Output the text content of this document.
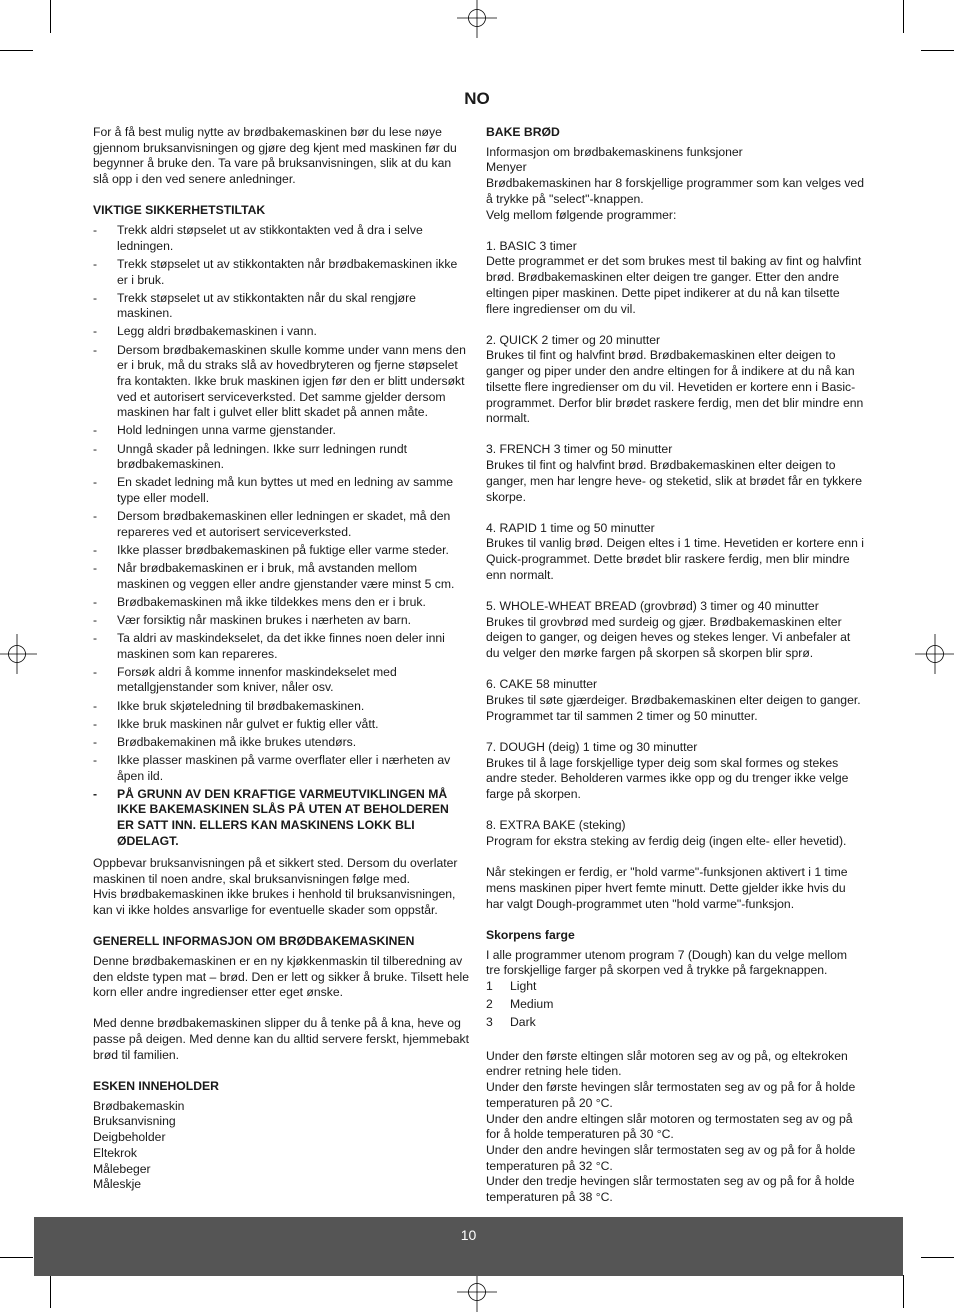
NO

For å få best mulig nytte av brødbakemaskinen bør du lese nøye gjennom bruksanvisningen og gjøre deg kjent med maskinen før du begynner å bruke den. Ta vare på bruksanvisningen, slik at du kan slå opp i den ved senere anledninger.

VIKTIGE SIKKERHETSTILTAK

- Trekk aldri støpselet ut av stikkontakten ved å dra i selve ledningen.
- Trekk støpselet ut av stikkontakten når brødbakemaskinen ikke er i bruk.
- Trekk støpselet ut av stikkontakten når du skal rengjøre maskinen.
- Legg aldri brødbakemaskinen i vann.
- Dersom brødbakemaskinen skulle komme under vann mens den er i bruk, må du straks slå av hovedbryteren og fjerne støpselet fra kontakten. Ikke bruk maskinen igjen før den er blitt undersøkt ved et autorisert serviceverksted. Det samme gjelder dersom maskinen har falt i gulvet eller blitt skadet på annen måte.
- Hold ledningen unna varme gjenstander.
- Unngå skader på ledningen. Ikke surr ledningen rundt brødbakemaskinen.
- En skadet ledning må kun byttes ut med en ledning av samme type eller modell.
- Dersom brødbakemaskinen eller ledningen er skadet, må den repareres ved et autorisert serviceverksted.
- Ikke plasser brødbakemaskinen på fuktige eller varme steder.
- Når brødbakemaskinen er i bruk, må avstanden mellom maskinen og veggen eller andre gjenstander være minst 5 cm.
- Brødbakemaskinen må ikke tildekkes mens den er i bruk.
- Vær forsiktig når maskinen brukes i nærheten av barn.
- Ta aldri av maskindekselet, da det ikke finnes noen deler inni maskinen som kan repareres.
- Forsøk aldri å komme innenfor maskindekselet med metallgjenstander som kniver, nåler osv.
- Ikke bruk skjøteledning til brødbakemaskinen.
- Ikke bruk maskinen når gulvet er fuktig eller vått.
- Brødbakemakinen må ikke brukes utendørs.
- Ikke plasser maskinen på varme overflater eller i nærheten av åpen ild.
- PÅ GRUNN AV DEN KRAFTIGE VARMEUTVIKLINGEN MÅ IKKE BAKEMASKINEN SLÅS PÅ UTEN AT BEHOLDEREN ER SATT INN. ELLERS KAN MASKINENS LOKK BLI ØDELAGT.

Oppbevar bruksanvisningen på et sikkert sted. Dersom du overlater maskinen til noen andre, skal bruksanvisningen følge med.

Hvis brødbakemaskinen ikke brukes i henhold til bruksanvisningen, kan vi ikke holdes ansvarlige for eventuelle skader som oppstår.

GENERELL INFORMASJON OM BRØDBAKEMASKINEN

Denne brødbakemaskinen er en ny kjøkkenmaskin til tilberedning av den eldste typen mat – brød. Den er lett og sikker å bruke. Tilsett hele korn eller andre ingredienser etter eget ønske.

Med denne brødbakemaskinen slipper du å tenke på å kna, heve og passe på deigen. Med denne kan du alltid servere ferskt, hjemmebakt brød til familien.

ESKEN INNEHOLDER

Brødbakemaskin

Bruksanvisning

Deigbeholder

Eltekrok

Målebeger

Måleskje

BAKE BRØD

Informasjon om brødbakemaskinens funksjoner

Menyer

Brødbakemaskinen har 8 forskjellige programmer som kan velges ved å trykke på "select"-knappen.

Velg mellom følgende programmer:

1. BASIC 3 timer

Dette programmet er det som brukes mest til baking av fint og halvfint brød. Brødbakemaskinen elter deigen tre ganger. Etter den andre eltingen piper maskinen. Dette pipet indikerer at du nå kan tilsette flere ingredienser om du vil.

2. QUICK 2 timer og 20 minutter

Brukes til fint og halvfint brød. Brødbakemaskinen elter deigen to ganger og piper under den andre eltingen for å indikere at du nå kan tilsette flere ingredienser om du vil. Hevetiden er kortere enn i Basic-programmet. Derfor blir brødet raskere ferdig, men det blir mindre enn normalt.

3. FRENCH 3 timer og 50 minutter

Brukes til fint og halvfint brød. Brødbakemaskinen elter deigen to ganger, men har lengre heve- og steketid, slik at brødet får en tykkere skorpe.

4. RAPID 1 time og 50 minutter

Brukes til vanlig brød. Deigen eltes i 1 time. Hevetiden er kortere enn i Quick-programmet. Dette brødet blir raskere ferdig, men blir mindre enn normalt.

5. WHOLE-WHEAT BREAD (grovbrød) 3 timer og 40 minutter

Brukes til grovbrød med surdeig og gjær. Brødbakemaskinen elter deigen to ganger, og deigen heves og stekes lenger. Vi anbefaler at du velger den mørke fargen på skorpen så skorpen blir sprø.

6. CAKE 58 minutter

Brukes til søte gjærdeiger. Brødbakemaskinen elter deigen to ganger. Programmet tar til sammen 2 timer og 50 minutter.

7. DOUGH (deig) 1 time og 30 minutter

Brukes til å lage forskjellige typer deig som skal formes og stekes andre steder. Beholderen varmes ikke opp og du trenger ikke velge farge på skorpen.

8. EXTRA BAKE (steking)

Program for ekstra steking av ferdig deig (ingen elte- eller hevetid).

Når stekingen er ferdig, er "hold varme"-funksjonen aktivert i 1 time mens maskinen piper hvert femte minutt. Dette gjelder ikke hvis du har valgt Dough-programmet uten "hold varme"-funksjon.

Skorpens farge

I alle programmer utenom program 7 (Dough) kan du velge mellom tre forskjellige farger på skorpen ved å trykke på fargeknappen.

1	Light
2	Medium
3	Dark

Under den første eltingen slår motoren seg av og på, og eltekroken endrer retning hele tiden.

Under den første hevingen slår termostaten seg av og på for å holde temperaturen på 20 °C.

Under den andre eltingen slår motoren og termostaten seg av og på for å holde temperaturen på 30 °C.

Under den andre hevingen slår termostaten seg av og på for å holde temperaturen på 32 °C.

Under den tredje hevingen slår termostaten seg av og på for å holde temperaturen på 38 °C.

10
